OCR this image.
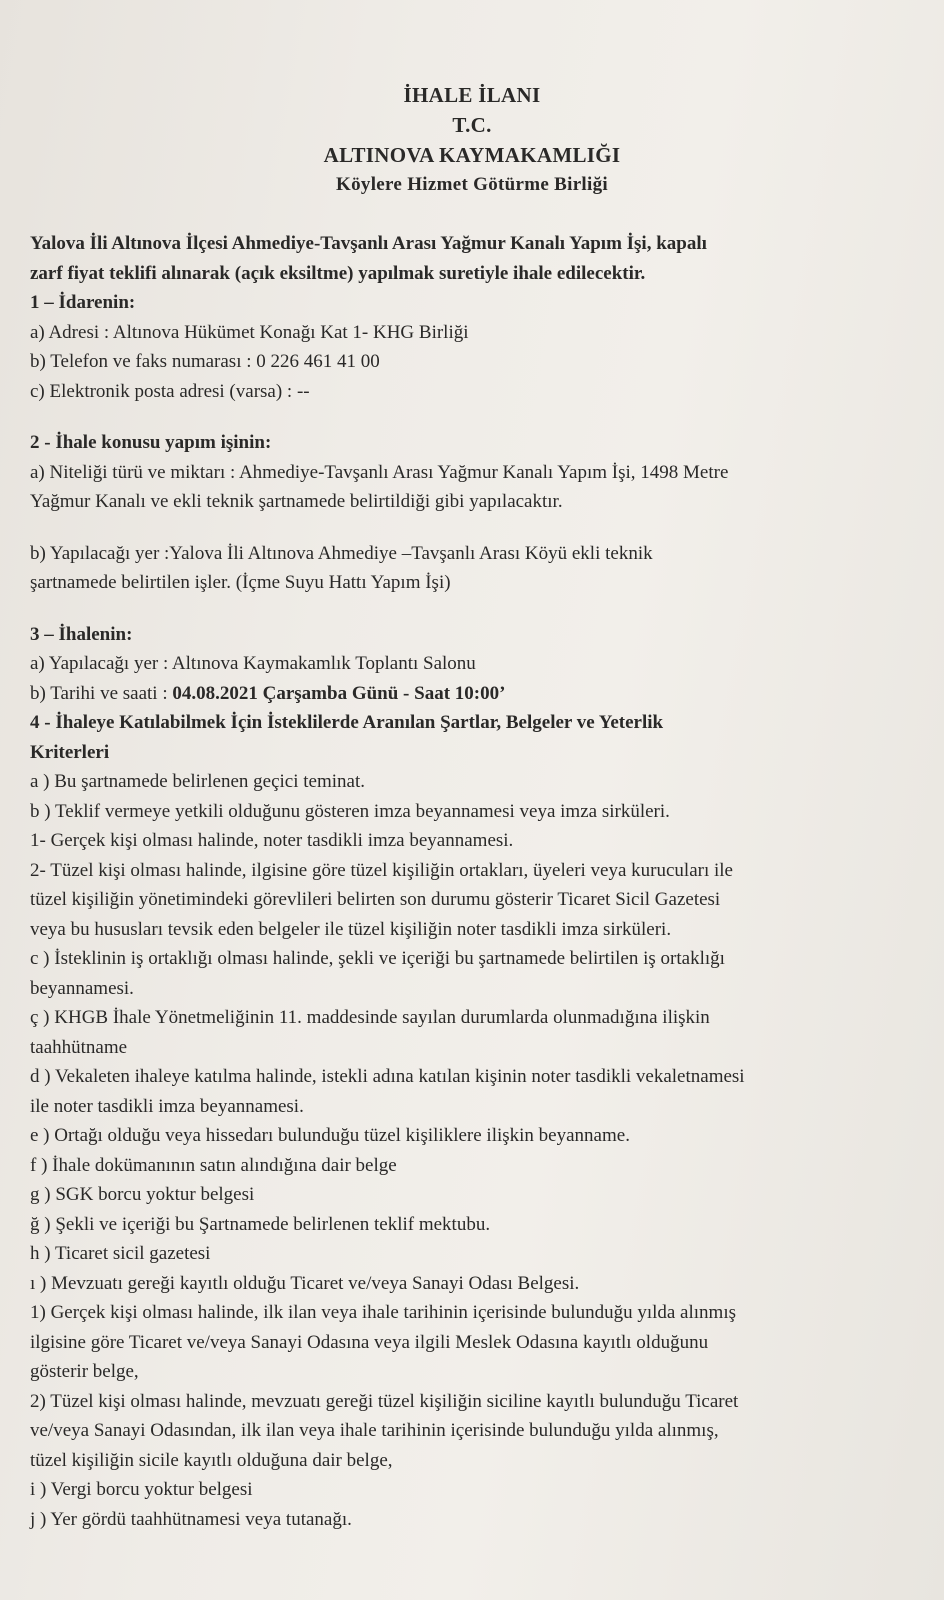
İHALE İLANI
T.C.
ALTINOVA KAYMAKAMLIĞI
Köylere Hizmet Götürme Birliği

Yalova İli Altınova İlçesi Ahmediye-Tavşanlı Arası Yağmur Kanalı Yapım İşi, kapalı

zarf fiyat teklifi alınarak (açık eksiltme) yapılmak suretiyle ihale edilecektir.

1 – İdarenin:

a) Adresi : Altınova Hükümet Konağı Kat 1- KHG Birliği

b) Telefon ve faks numarası : 0 226 461 41 00

c) Elektronik posta adresi (varsa) : --

2 - İhale konusu yapım işinin:

a) Niteliği türü ve miktarı : Ahmediye-Tavşanlı Arası Yağmur Kanalı Yapım İşi, 1498 Metre

Yağmur Kanalı ve ekli teknik şartnamede belirtildiği gibi yapılacaktır.

b) Yapılacağı yer :Yalova İli Altınova Ahmediye –Tavşanlı Arası Köyü ekli teknik

şartnamede belirtilen işler. (İçme Suyu Hattı Yapım İşi)

3 – İhalenin:

a) Yapılacağı yer : Altınova Kaymakamlık Toplantı Salonu

b) Tarihi ve saati : 04.08.2021 Çarşamba Günü - Saat 10:00’

4 - İhaleye Katılabilmek İçin İsteklilerde Aranılan Şartlar, Belgeler ve Yeterlik

Kriterleri

a ) Bu şartnamede belirlenen geçici teminat.

b ) Teklif vermeye yetkili olduğunu gösteren imza beyannamesi veya imza sirküleri.

1- Gerçek kişi olması halinde, noter tasdikli imza beyannamesi.

2- Tüzel kişi olması halinde, ilgisine göre tüzel kişiliğin ortakları, üyeleri veya kurucuları ile

tüzel kişiliğin yönetimindeki görevlileri belirten son durumu gösterir Ticaret Sicil Gazetesi

veya bu hususları tevsik eden belgeler ile tüzel kişiliğin noter tasdikli imza sirküleri.

c ) İsteklinin iş ortaklığı olması halinde, şekli ve içeriği bu şartnamede belirtilen iş ortaklığı

beyannamesi.

ç ) KHGB İhale Yönetmeliğinin 11. maddesinde sayılan durumlarda olunmadığına ilişkin

taahhütname

d ) Vekaleten ihaleye katılma halinde, istekli adına katılan kişinin noter tasdikli vekaletnamesi

ile noter tasdikli imza beyannamesi.

e ) Ortağı olduğu veya hissedarı bulunduğu tüzel kişiliklere ilişkin beyanname.

f ) İhale dokümanının satın alındığına dair belge

g ) SGK borcu yoktur belgesi

ğ ) Şekli ve içeriği bu Şartnamede belirlenen teklif mektubu.

h ) Ticaret sicil gazetesi

ı ) Mevzuatı gereği kayıtlı olduğu Ticaret ve/veya Sanayi Odası Belgesi.

1) Gerçek kişi olması halinde, ilk ilan veya ihale tarihinin içerisinde bulunduğu yılda alınmış

ilgisine göre Ticaret ve/veya Sanayi Odasına veya ilgili Meslek Odasına kayıtlı olduğunu

gösterir belge,

2) Tüzel kişi olması halinde, mevzuatı gereği tüzel kişiliğin siciline kayıtlı bulunduğu Ticaret

ve/veya Sanayi Odasından, ilk ilan veya ihale tarihinin içerisinde bulunduğu yılda alınmış,

tüzel kişiliğin sicile kayıtlı olduğuna dair belge,

i ) Vergi borcu yoktur belgesi

j ) Yer gördü taahhütnamesi veya tutanağı.
